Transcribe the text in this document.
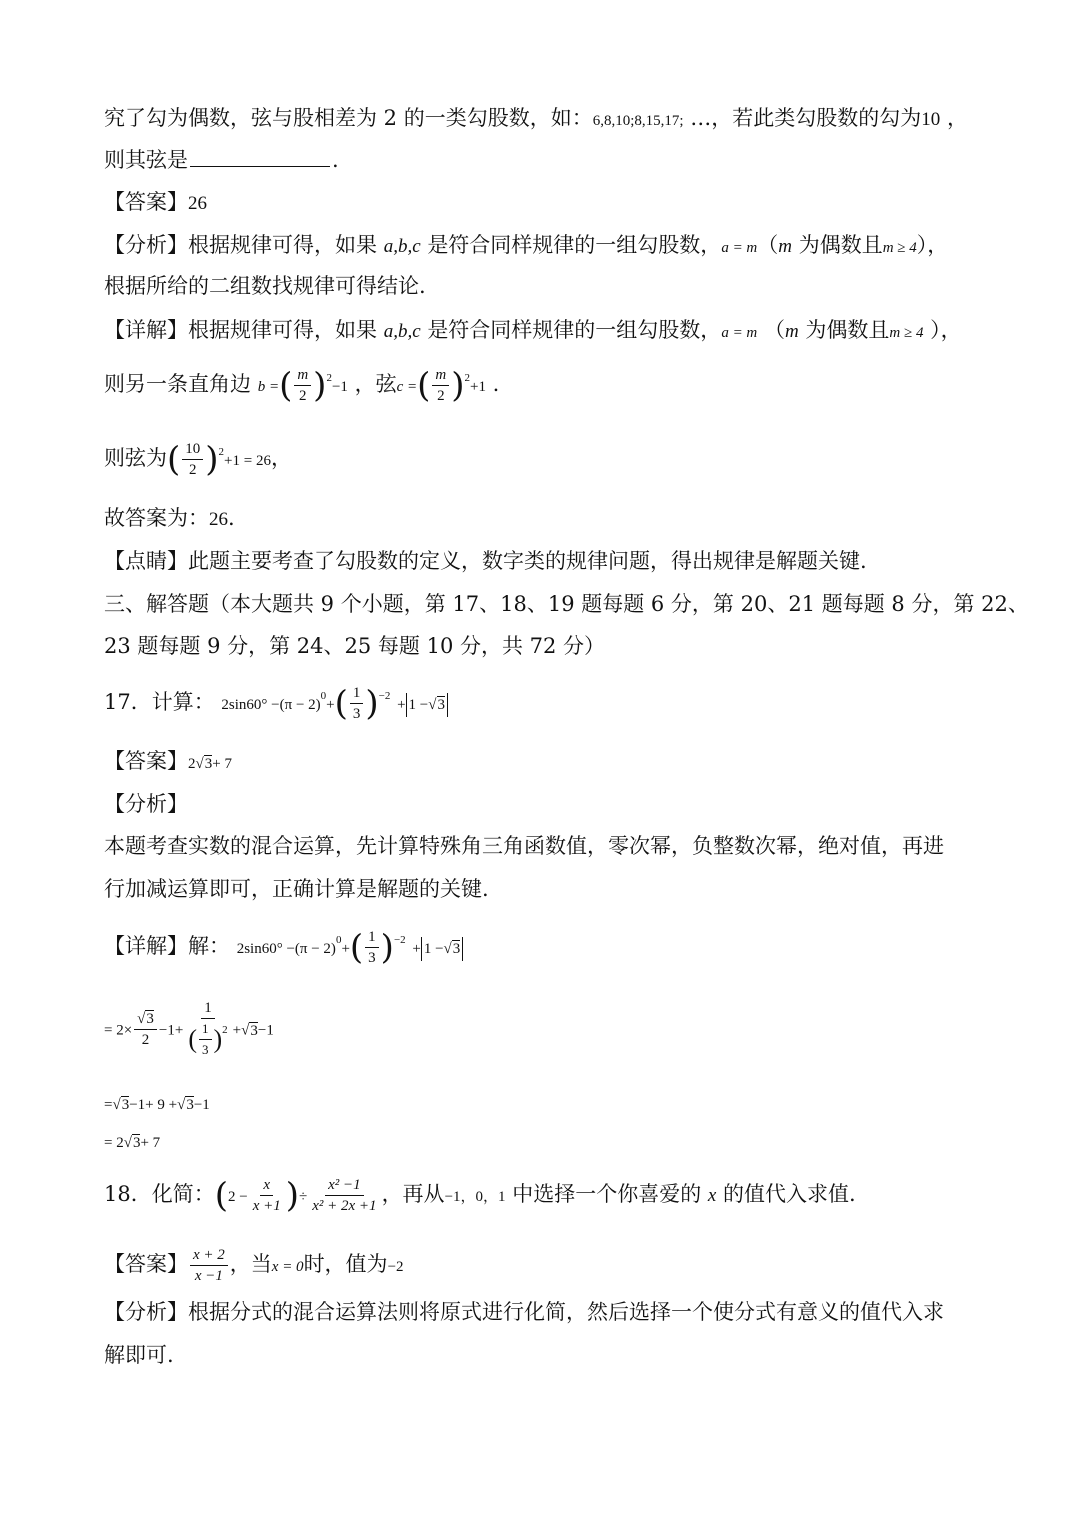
究了勾为偶数，弦与股相差为 2 的一类勾股数，如：6,8,10;8,15,17; …，若此类勾股数的勾为10 ，
则其弦是	.
【答案】26
【分析】根据规律可得，如果 a,b,c 是符合同样规律的一组勾股数，a = m（m 为偶数且m ≥ 4），
根据所给的二组数找规律可得结论.
【详解】根据规律可得，如果 a,b,c 是符合同样规律的一组勾股数，a = m （m 为偶数且m ≥ 4 ），
则另一条直角边 b =( $\frac{m}{2} )^2-1$ ，弦c =( $\frac{m}{2} )^2+1$ .
则弦为( $\frac{10}{2} )^2+1 = 26$，
故答案为：26.
【点睛】此题主要考查了勾股数的定义，数字类的规律问题，得出规律是解题关键.
三、解答题（本大题共 9 个小题，第 17、18、19 题每题 6 分，第 20、21 题每题 8 分，第 22、
23 题每题 9 分，第 24、25 每题 10 分，共 72 分）
17．计算： $2\sin 60^\circ -(\pi - 2)^0+( \frac{1}{3} )^{-2} + 1 -√3$
【答案】2√3+ 7
【分析】
本题考查实数的混合运算，先计算特殊角三角函数值，零次幂，负整数次幂，绝对值，再进
行加减运算即可，正确计算是解题的关键.
【详解】解： $2\sin 60^\circ -(\pi - 2)^0+( \frac{1}{3} )^{-2} + 1 -√3$
= $2\times \frac{√3}{2} -1+ \frac{1}{( \frac{1}{3} )^2} +√3-1$
=√3−1+ 9 +√3−1
= 2√3+ 7
18．化简：($2 - \frac{x}{x +1}$ )÷ $\frac{\text{x² −1}}{\text{x² + 2x +1}}$ ，再从−1，0，1 中选择一个你喜爱的 x 的值代入求值.
【答案】 $\frac{x + 2}{x -1}$ ，当x = 0时，值为−2
【分析】根据分式的混合运算法则将原式进行化简，然后选择一个使分式有意义的值代入求
解即可.
